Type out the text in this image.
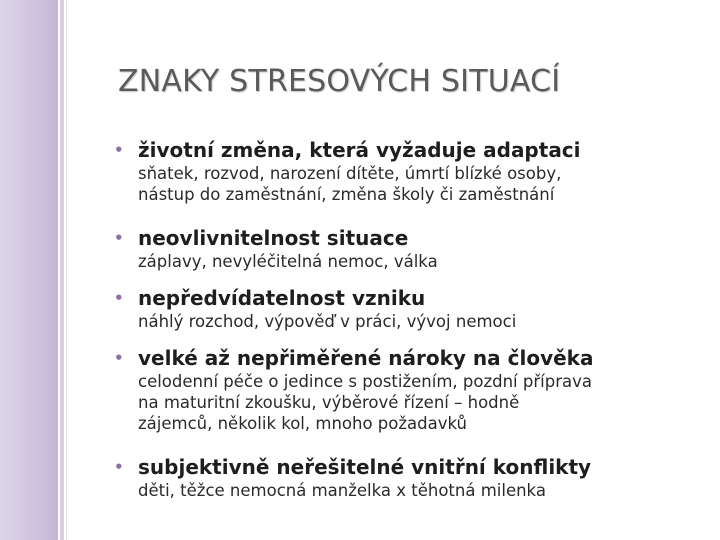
ZNAKY STRESOVÝCH SITUACÍ
• životní změna, která vyžaduje adaptaci
sňatek, rozvod, narození dítěte, úmrtí blízké osoby,
nástup do zaměstnání, změna školy či zaměstnání
• neovlivnitelnost situace
záplavy, nevyléčitelná nemoc, válka
• nepředvídatelnost vzniku
náhlý rozchod, výpověď v práci, vývoj nemoci
• velké až nepřiměřené nároky na člověka
celodenní péče o jedince s postižením, pozdní příprava
na maturitní zkoušku, výběrové řízení – hodně
zájemců, několik kol, mnoho požadavků
• subjektivně neřešitelné vnitřní konflikty
děti, těžce nemocná manželka x těhotná milenka
